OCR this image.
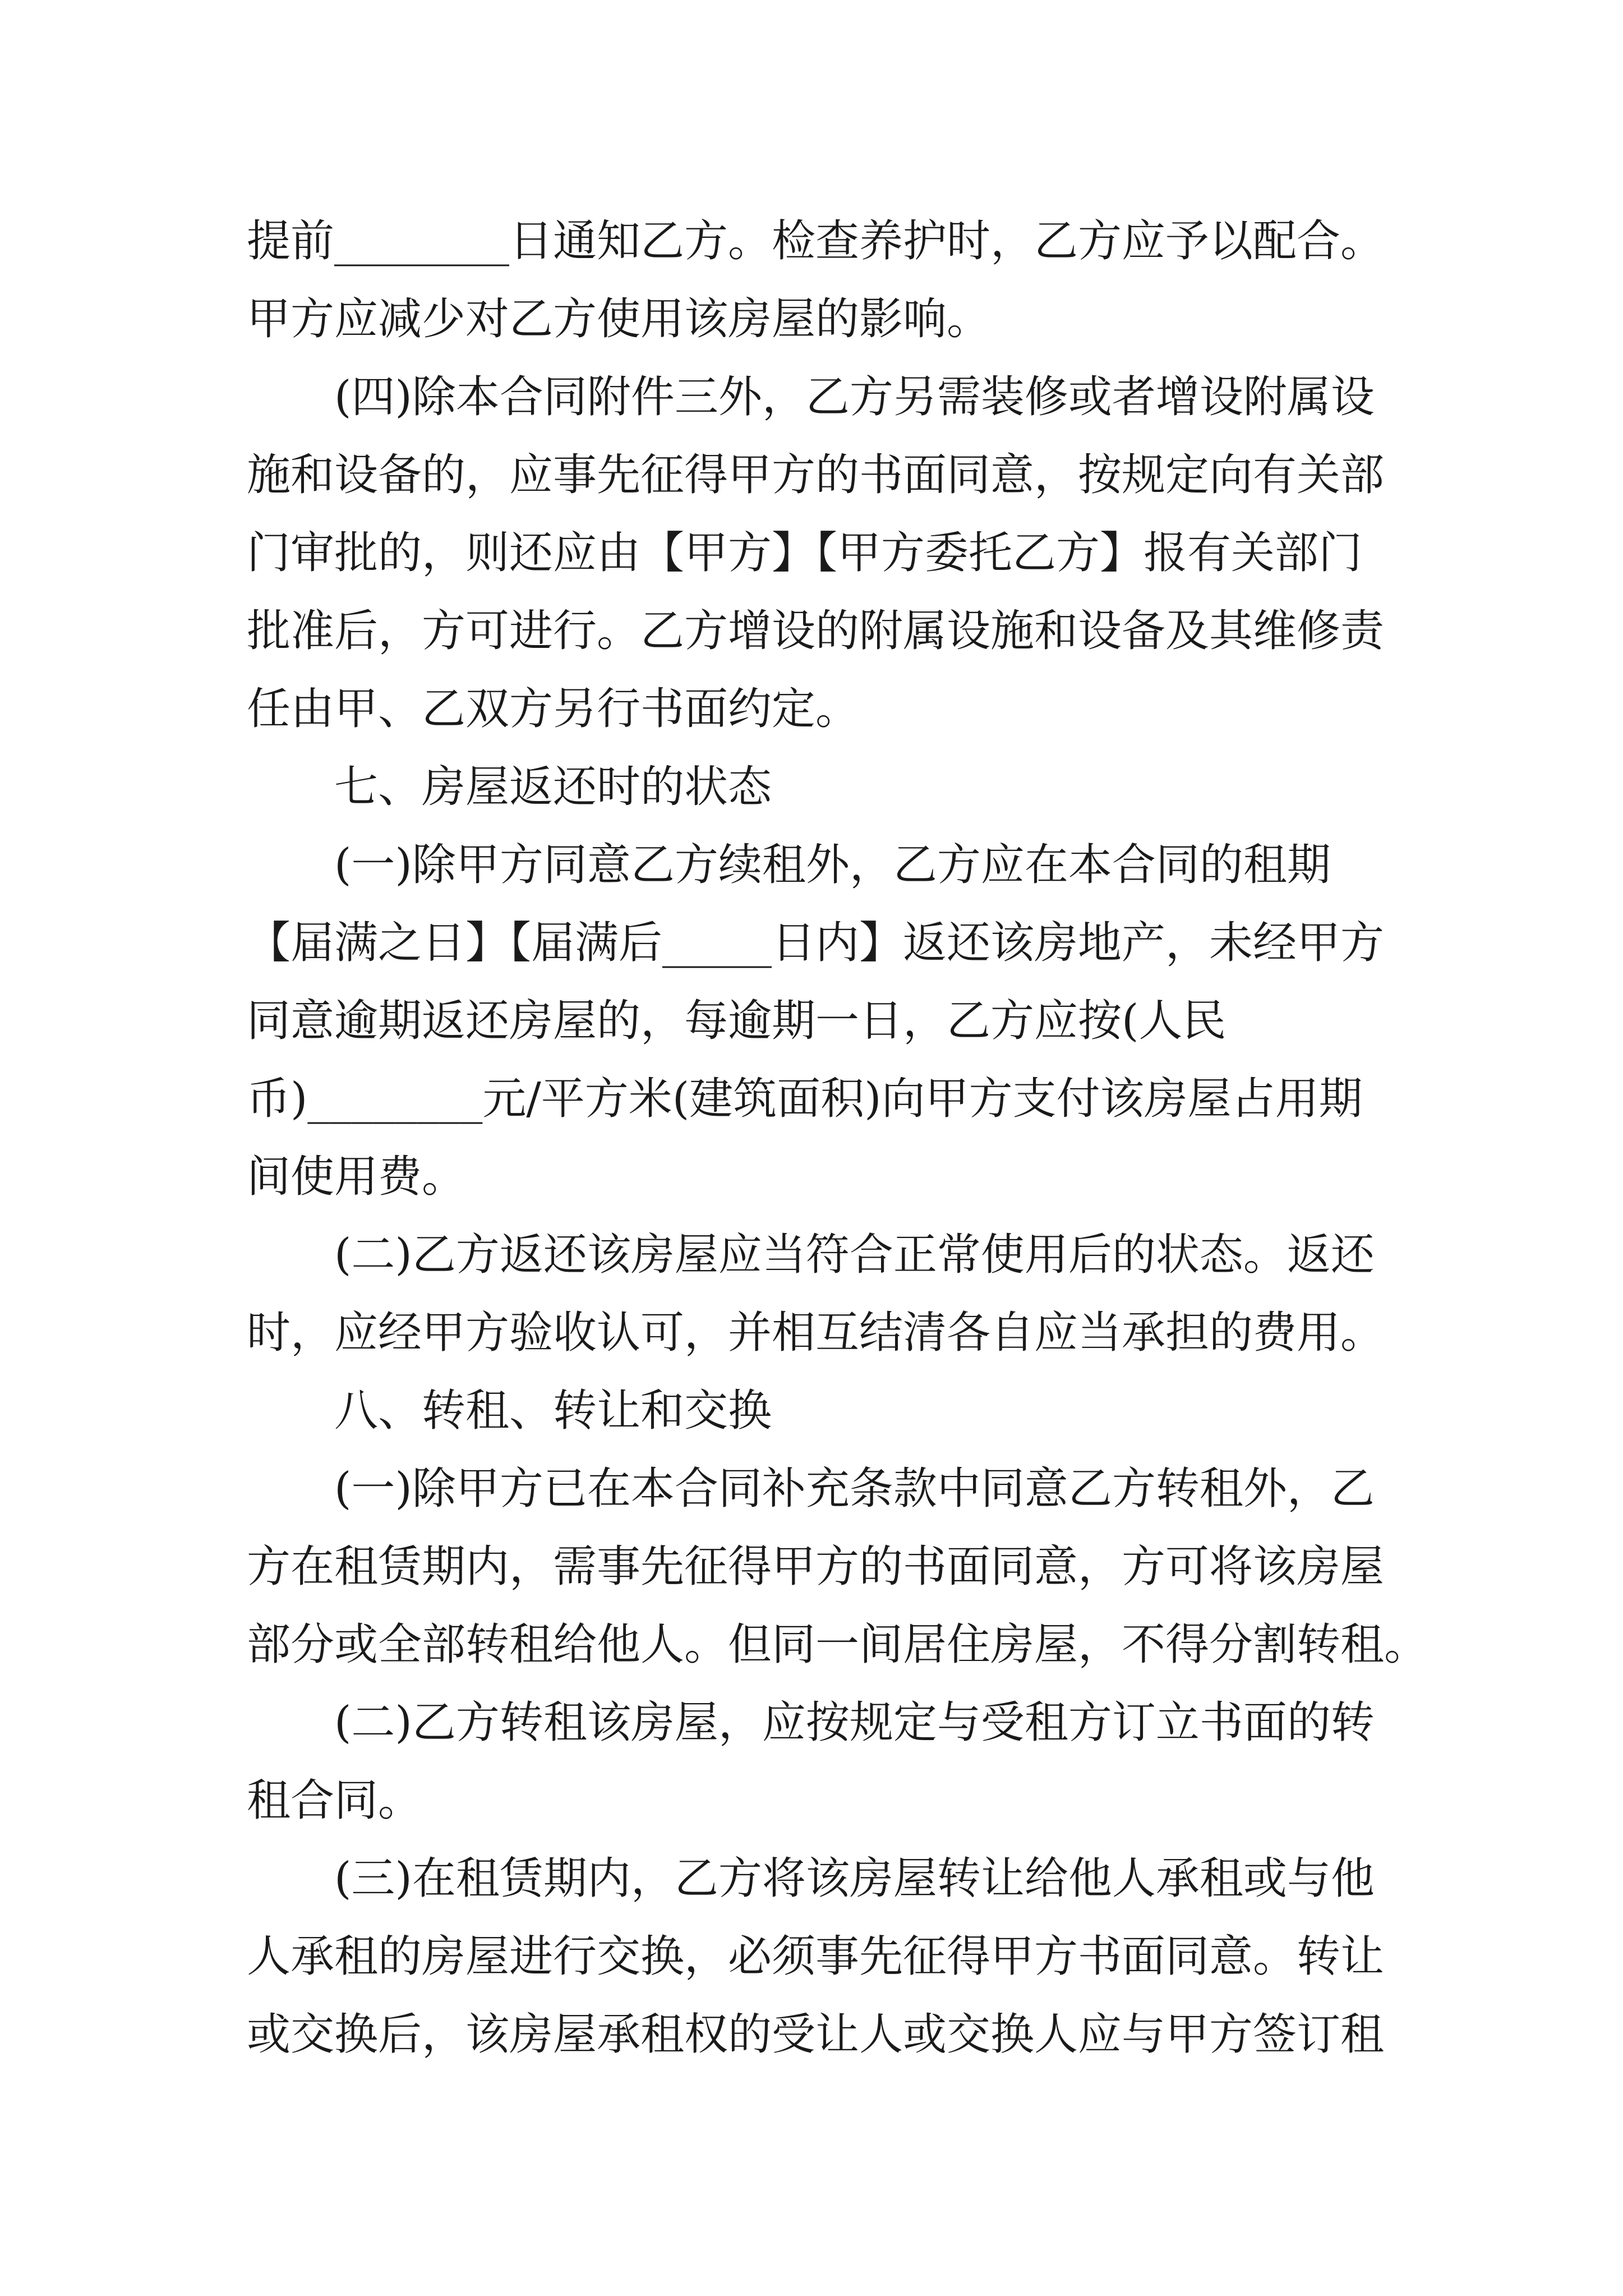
提前________日通知乙方。检查养护时，乙方应予以配合。
甲方应减少对乙方使用该房屋的影响。
(四)除本合同附件三外，乙方另需装修或者增设附属设
施和设备的，应事先征得甲方的书面同意，按规定向有关部
门审批的，则还应由【甲方】【甲方委托乙方】报有关部门
批准后，方可进行。乙方增设的附属设施和设备及其维修责
任由甲、乙双方另行书面约定。
七、房屋返还时的状态
(一)除甲方同意乙方续租外，乙方应在本合同的租期
【届满之日】【届满后_____日内】返还该房地产，未经甲方
同意逾期返还房屋的，每逾期一日，乙方应按(人民
币)________元/平方米(建筑面积)向甲方支付该房屋占用期
间使用费。
(二)乙方返还该房屋应当符合正常使用后的状态。返还
时，应经甲方验收认可，并相互结清各自应当承担的费用。
八、转租、转让和交换
(一)除甲方已在本合同补充条款中同意乙方转租外，乙
方在租赁期内，需事先征得甲方的书面同意，方可将该房屋
部分或全部转租给他人。但同一间居住房屋，不得分割转租。
(二)乙方转租该房屋，应按规定与受租方订立书面的转
租合同。
(三)在租赁期内，乙方将该房屋转让给他人承租或与他
人承租的房屋进行交换，必须事先征得甲方书面同意。转让
或交换后，该房屋承租权的受让人或交换人应与甲方签订租
